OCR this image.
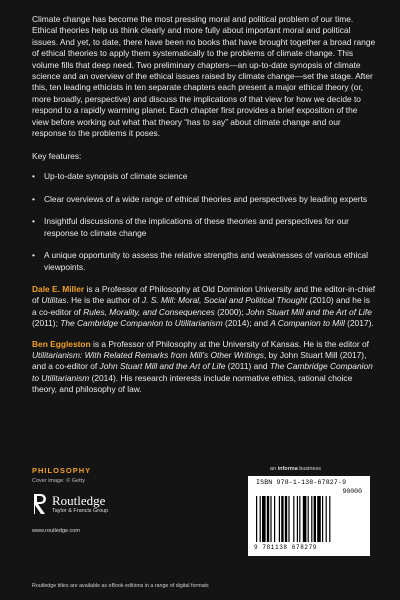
Climate change has become the most pressing moral and political problem of our time. Ethical theories help us think clearly and more fully about important moral and political issues. And yet, to date, there have been no books that have brought together a broad range of ethical theories to apply them systematically to the problems of climate change. This volume fills that deep need. Two preliminary chapters—an up-to-date synopsis of climate science and an overview of the ethical issues raised by climate change—set the stage. After this, ten leading ethicists in ten separate chapters each present a major ethical theory (or, more broadly, perspective) and discuss the implications of that view for how we decide to respond to a rapidly warming planet. Each chapter first provides a brief exposition of the view before working out what that theory “has to say” about climate change and our response to the problems it poses.

Key features:

• Up-to-date synopsis of climate science
• Clear overviews of a wide range of ethical theories and perspectives by leading experts
• Insightful discussions of the implications of these theories and perspectives for our response to climate change
• A unique opportunity to assess the relative strengths and weaknesses of various ethical viewpoints.

Dale E. Miller is a Professor of Philosophy at Old Dominion University and the editor-in-chief of Utilitas. He is the author of J. S. Mill: Moral, Social and Political Thought (2010) and he is a co-editor of Rules, Morality, and Consequences (2000); John Stuart Mill and the Art of Life (2011); The Cambridge Companion to Utilitarianism (2014); and A Companion to Mill (2017).

Ben Eggleston is a Professor of Philosophy at the University of Kansas. He is the editor of Utilitarianism: With Related Remarks from Mill’s Other Writings, by John Stuart Mill (2017), and a co-editor of John Stuart Mill and the Art of Life (2011) and The Cambridge Companion to Utilitarianism (2014). His research interests include normative ethics, rational choice theory, and philosophy of law.

PHILOSOPHY
Cover image: © Getty
Routledge
Taylor & Francis Group
www.routledge.com
an informa business
ISBN 978-1-138-67827-9
90000
9 781138 678279
Routledge titles are available as eBook editions in a range of digital formats
